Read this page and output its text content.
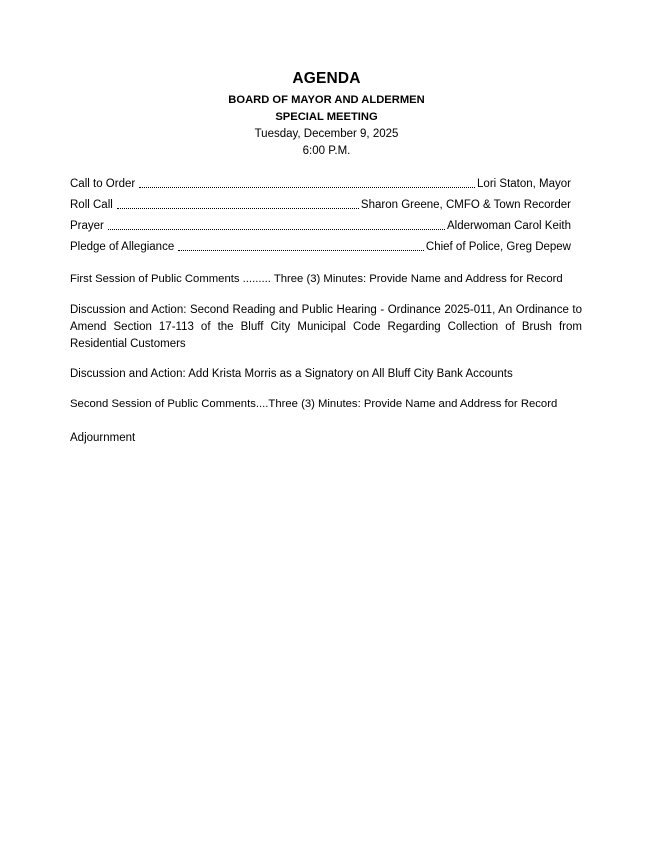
AGENDA
BOARD OF MAYOR AND ALDERMEN
SPECIAL MEETING
Tuesday, December 9, 2025
6:00 P.M.
Call to Order	Lori Staton, Mayor
Roll Call	Sharon Greene, CMFO & Town Recorder
Prayer	Alderwoman Carol Keith
Pledge of Allegiance	Chief of Police, Greg Depew
First Session of Public Comments ......... Three (3) Minutes: Provide Name and Address for Record
Discussion and Action: Second Reading and Public Hearing - Ordinance 2025-011, An Ordinance to Amend Section 17-113 of the Bluff City Municipal Code Regarding Collection of Brush from Residential Customers
Discussion and Action: Add Krista Morris as a Signatory on All Bluff City Bank Accounts
Second Session of Public Comments....Three (3) Minutes: Provide Name and Address for Record
Adjournment
